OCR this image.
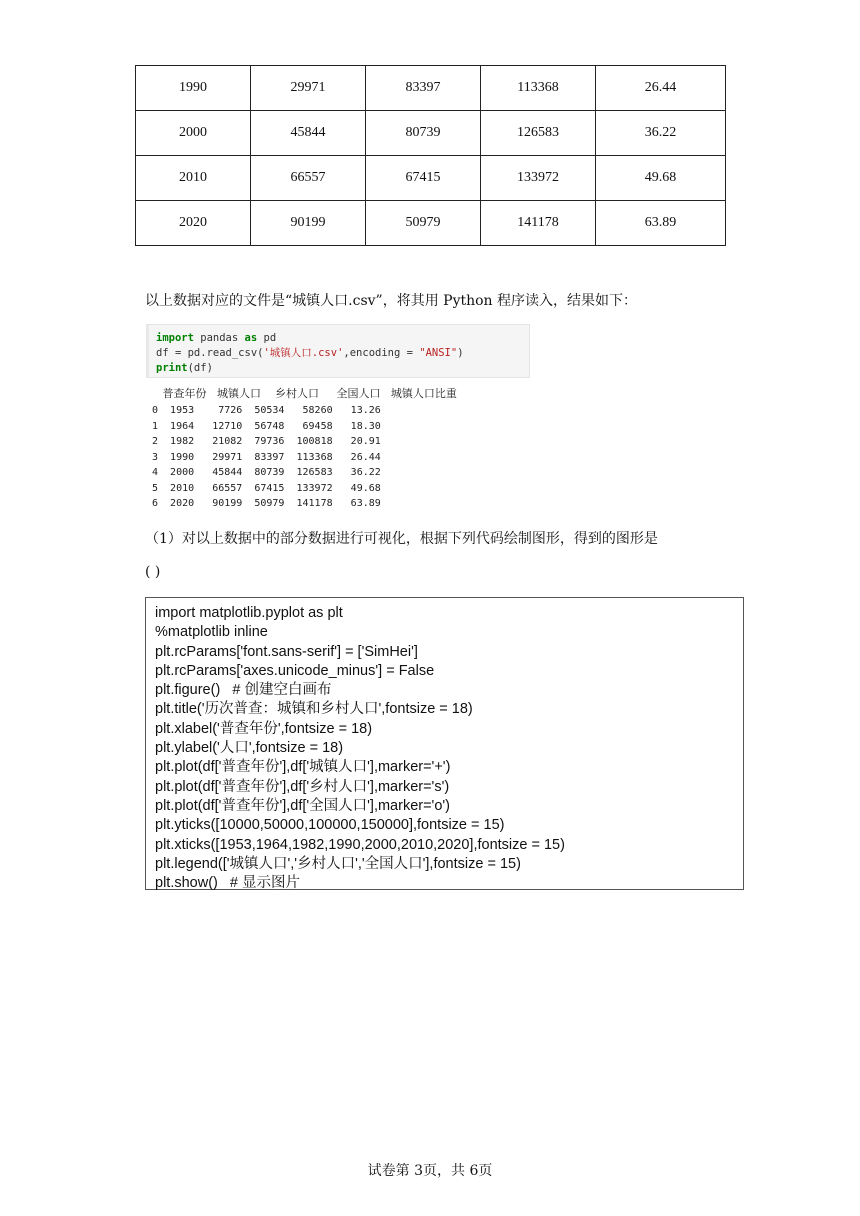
1990	29971	83397	113368	26.44
2000	45844	80739	126583	36.22
2010	66557	67415	133972	49.68
2020	90199	50979	141178	63.89
以上数据对应的文件是“城镇人口.csv”，将其用 Python 程序读入，结果如下：
import pandas as pd
df = pd.read_csv('城镇人口.csv',encoding = "ANSI")
print(df)
普查年份   城镇人口    乡村人口     全国人口   城镇人口比重
0  1953    7726  50534   58260   13.26
1  1964   12710  56748   69458   18.30
2  1982   21082  79736  100818   20.91
3  1990   29971  83397  113368   26.44
4  2000   45844  80739  126583   36.22
5  2010   66557  67415  133972   49.68
6  2020   90199  50979  141178   63.89
（1）对以上数据中的部分数据进行可视化，根据下列代码绘制图形，得到的图形是
( )
import matplotlib.pyplot as plt
%matplotlib inline
plt.rcParams['font.sans-serif'] = ['SimHei']
plt.rcParams['axes.unicode_minus'] = False
plt.figure()   # 创建空白画布
plt.title('历次普查：城镇和乡村人口',fontsize = 18)
plt.xlabel('普查年份',fontsize = 18)
plt.ylabel('人口',fontsize = 18)
plt.plot(df['普查年份'],df['城镇人口'],marker='+')
plt.plot(df['普查年份'],df['乡村人口'],marker='s')
plt.plot(df['普查年份'],df['全国人口'],marker='o')
plt.yticks([10000,50000,100000,150000],fontsize = 15)
plt.xticks([1953,1964,1982,1990,2000,2010,2020],fontsize = 15)
plt.legend(['城镇人口','乡村人口','全国人口'],fontsize = 15)
plt.show()   # 显示图片
试卷第 3页，共 6页
